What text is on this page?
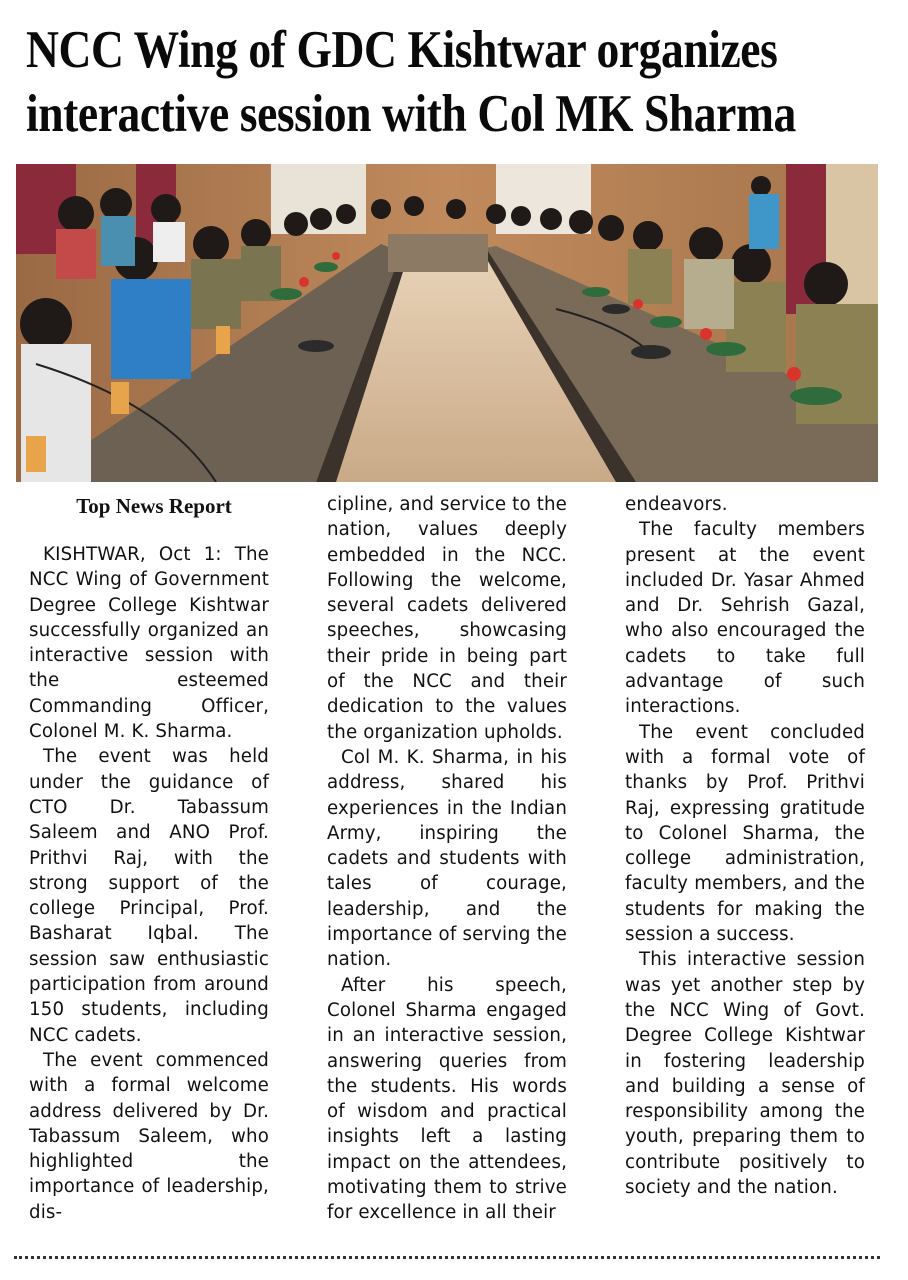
NCC Wing of GDC Kishtwar organizes
interactive session with Col MK Sharma
Top News Report

KISHTWAR, Oct 1: The NCC Wing of Government Degree College Kishtwar successfully organized an interactive session with the esteemed Commanding Officer, Colonel M. K. Sharma.

The event was held under the guidance of CTO Dr. Tabassum Saleem and ANO Prof. Prithvi Raj, with the strong support of the college Principal, Prof. Basharat Iqbal. The session saw enthusiastic participation from around 150 students, including NCC cadets.

The event commenced with a formal welcome address delivered by Dr. Tabassum Saleem, who highlighted the importance of leadership, dis-

cipline, and service to the nation, values deeply embedded in the NCC. Following the welcome, several cadets delivered speeches, showcasing their pride in being part of the NCC and their dedication to the values the organization upholds.

Col M. K. Sharma, in his address, shared his experiences in the Indian Army, inspiring the cadets and students with tales of courage, leadership, and the importance of serving the nation.

After his speech, Colonel Sharma engaged in an interactive session, answering queries from the students. His words of wisdom and practical insights left a lasting impact on the attendees, motivating them to strive for excellence in all their

endeavors.

The faculty members present at the event included Dr. Yasar Ahmed and Dr. Sehrish Gazal, who also encouraged the cadets to take full advantage of such interactions.

The event concluded with a formal vote of thanks by Prof. Prithvi Raj, expressing gratitude to Colonel Sharma, the college administration, faculty members, and the students for making the session a success.

This interactive session was yet another step by the NCC Wing of Govt. Degree College Kishtwar in fostering leadership and building a sense of responsibility among the youth, preparing them to contribute positively to society and the nation.
